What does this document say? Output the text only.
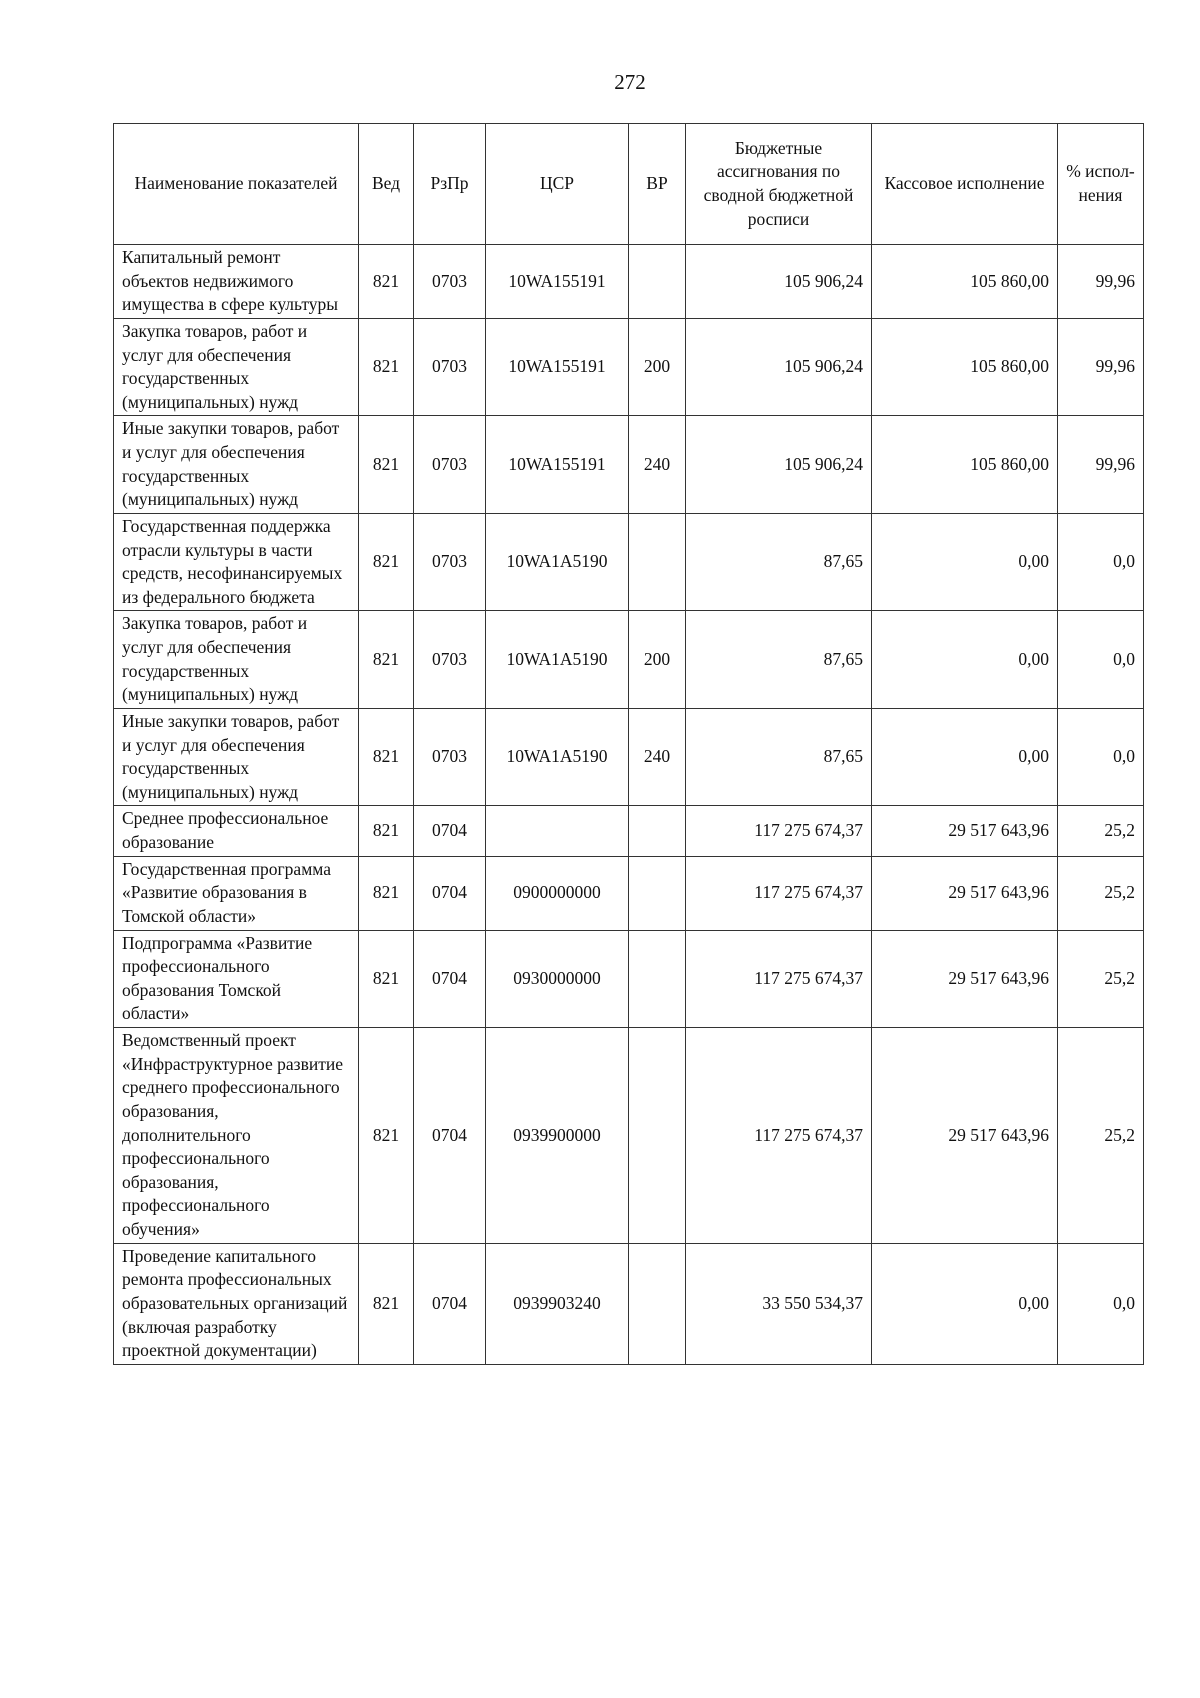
272
Наименование показателей	Вед	РзПр	ЦСР	ВР	Бюджетные ассигнования по сводной бюджетной росписи	Кассовое исполнение	% испол-нения
Капитальный ремонт объектов недвижимого имущества в сфере культуры	821	0703	10WA155191		105 906,24	105 860,00	99,96
Закупка товаров, работ и услуг для обеспечения государственных (муниципальных) нужд	821	0703	10WA155191	200	105 906,24	105 860,00	99,96
Иные закупки товаров, работ и услуг для обеспечения государственных (муниципальных) нужд	821	0703	10WA155191	240	105 906,24	105 860,00	99,96
Государственная поддержка отрасли культуры в части средств, несофинансируемых из федерального бюджета	821	0703	10WA1A5190		87,65	0,00	0,0
Закупка товаров, работ и услуг для обеспечения государственных (муниципальных) нужд	821	0703	10WA1A5190	200	87,65	0,00	0,0
Иные закупки товаров, работ и услуг для обеспечения государственных (муниципальных) нужд	821	0703	10WA1A5190	240	87,65	0,00	0,0
Среднее профессиональное образование	821	0704			117 275 674,37	29 517 643,96	25,2
Государственная программа «Развитие образования в Томской области»	821	0704	0900000000		117 275 674,37	29 517 643,96	25,2
Подпрограмма «Развитие профессионального образования Томской области»	821	0704	0930000000		117 275 674,37	29 517 643,96	25,2
Ведомственный проект «Инфраструктурное развитие среднего профессионального образования, дополнительного профессионального образования, профессионального обучения»	821	0704	0939900000		117 275 674,37	29 517 643,96	25,2
Проведение капитального ремонта профессиональных образовательных организаций (включая разработку проектной документации)	821	0704	0939903240		33 550 534,37	0,00	0,0
